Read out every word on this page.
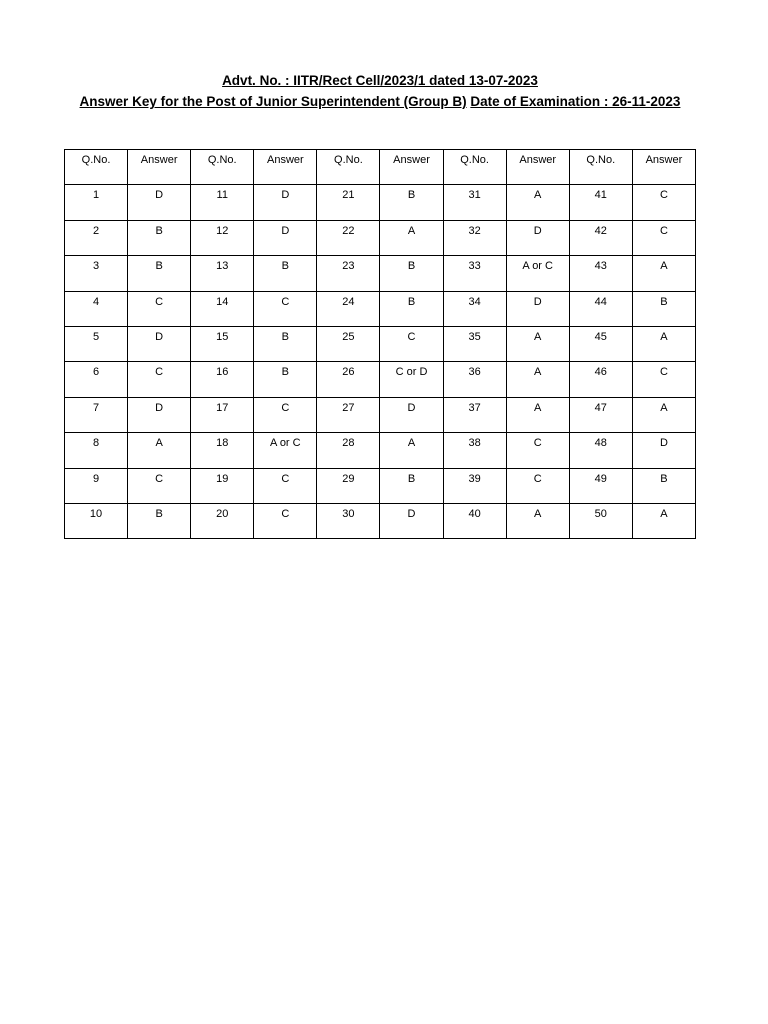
Advt. No. : IITR/Rect Cell/2023/1 dated 13-07-2023
Answer Key for the Post of Junior Superintendent (Group B) Date of Examination : 26-11-2023
Q.No.	Answer	Q.No.	Answer	Q.No.	Answer	Q.No.	Answer	Q.No.	Answer
1	D	11	D	21	B	31	A	41	C
2	B	12	D	22	A	32	D	42	C
3	B	13	B	23	B	33	A or C	43	A
4	C	14	C	24	B	34	D	44	B
5	D	15	B	25	C	35	A	45	A
6	C	16	B	26	C or D	36	A	46	C
7	D	17	C	27	D	37	A	47	A
8	A	18	A or C	28	A	38	C	48	D
9	C	19	C	29	B	39	C	49	B
10	B	20	C	30	D	40	A	50	A
